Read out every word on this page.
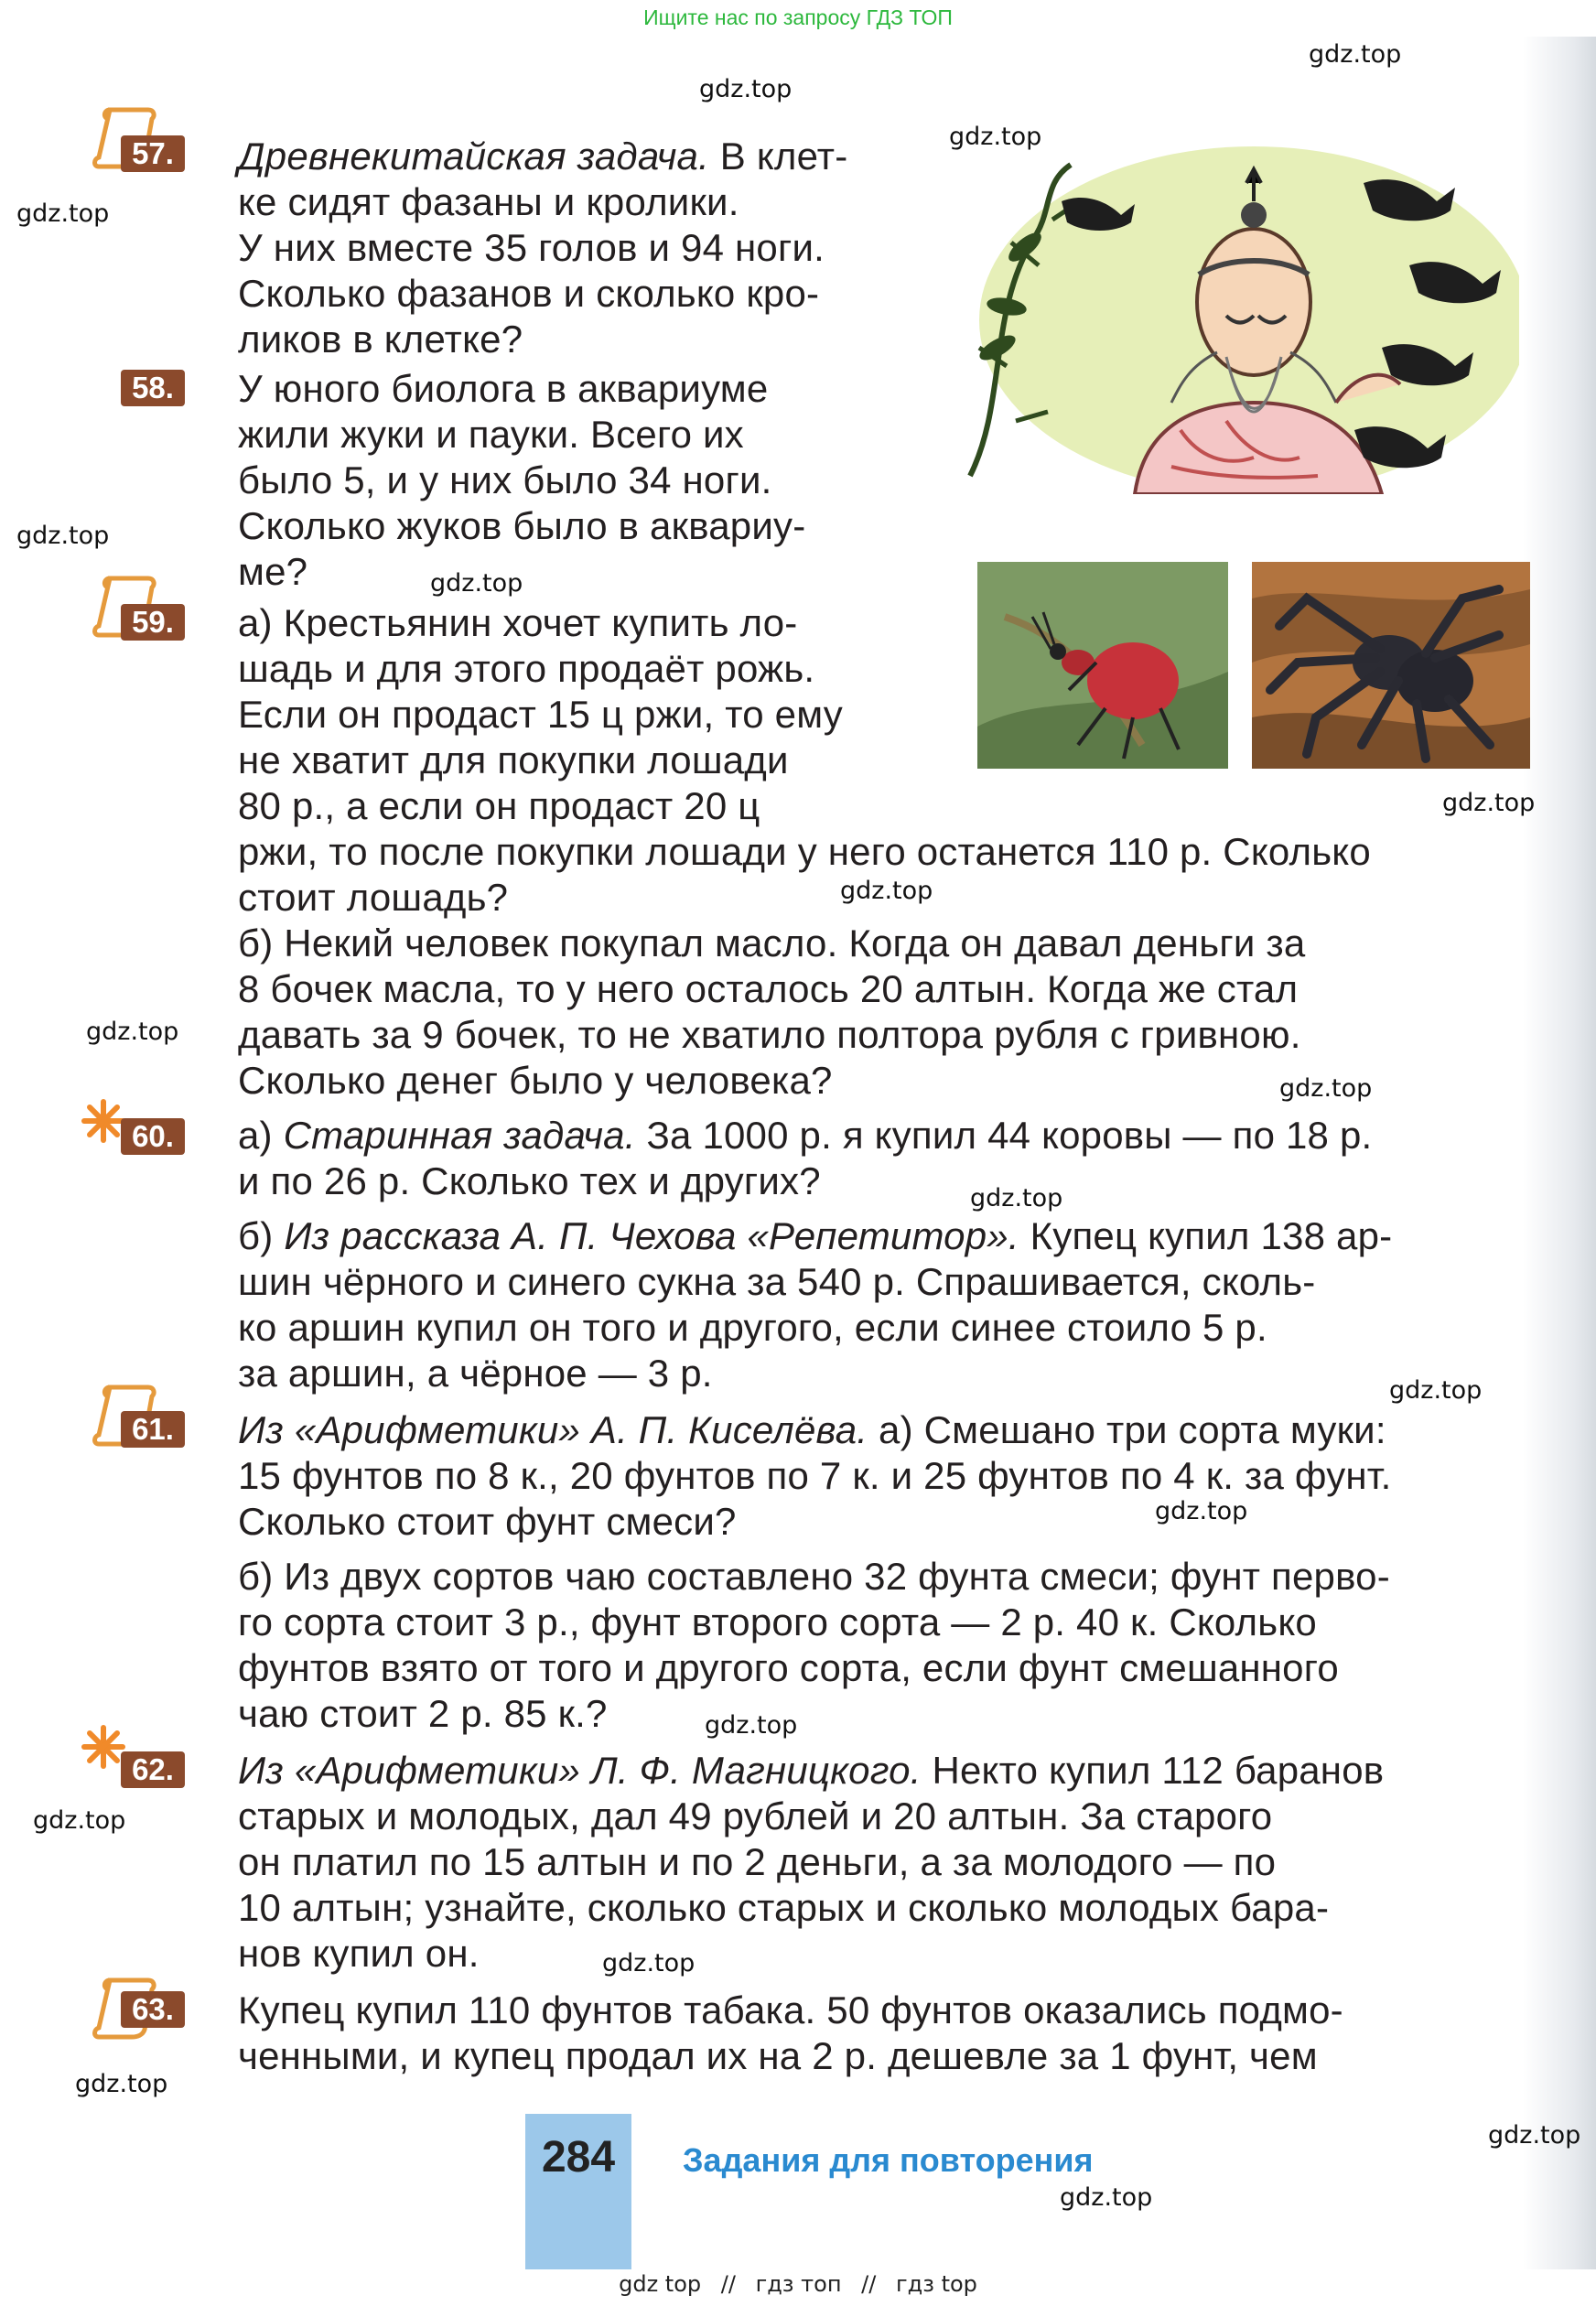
Ищите нас по запросу ГДЗ ТОП
gdz.top
gdz.top
gdz.top
gdz.top
gdz.top
gdz.top
gdz.top
gdz.top
gdz.top
gdz.top
gdz.top
gdz.top
gdz.top
gdz.top
gdz.top
gdz.top
gdz.top
gdz.top
gdz.top
57. Древнекитайская задача. В клет-
ке сидят фазаны и кролики.
У них вместе 35 голов и 94 ноги.
Сколько фазанов и сколько кро-
ликов в клетке?
58. У юного биолога в аквариуме
жили жуки и пауки. Всего их
было 5, и у них было 34 ноги.
Сколько жуков было в аквариу-
ме?
59. а) Крестьянин хочет купить ло-
шадь и для этого продаёт рожь.
Если он продаст 15 ц ржи, то ему
не хватит для покупки лошади
80 р., а если он продаст 20 ц
ржи, то после покупки лошади у него останется 110 р. Сколько
стоит лошадь?
б) Некий человек покупал масло. Когда он давал деньги за
8 бочек масла, то у него осталось 20 алтын. Когда же стал
давать за 9 бочек, то не хватило полтора рубля с гривною.
Сколько денег было у человека?
60. а) Старинная задача. За 1000 р. я купил 44 коровы — по 18 р.
и по 26 р. Сколько тех и других?
б) Из рассказа А. П. Чехова «Репетитор». Купец купил 138 ар-
шин чёрного и синего сукна за 540 р. Спрашивается, сколь-
ко аршин купил он того и другого, если синее стоило 5 р.
за аршин, а чёрное — 3 р.
61. Из «Арифметики» А. П. Киселёва. а) Смешано три сорта муки:
15 фунтов по 8 к., 20 фунтов по 7 к. и 25 фунтов по 4 к. за фунт.
Сколько стоит фунт смеси?
б) Из двух сортов чаю составлено 32 фунта смеси; фунт перво-
го сорта стоит 3 р., фунт второго сорта — 2 р. 40 к. Сколько
фунтов взято от того и другого сорта, если фунт смешанного
чаю стоит 2 р. 85 к.?
62. Из «Арифметики» Л. Ф. Магницкого. Некто купил 112 баранов
старых и молодых, дал 49 рублей и 20 алтын. За старого
он платил по 15 алтын и по 2 деньги, а за молодого — по
10 алтын; узнайте, сколько старых и сколько молодых бара-
нов купил он.
63. Купец купил 110 фунтов табака. 50 фунтов оказались подмо-
ченными, и купец продал их на 2 р. дешевле за 1 фунт, чем
284	Задания для повторения
gdz top // гдз топ // гдз top
